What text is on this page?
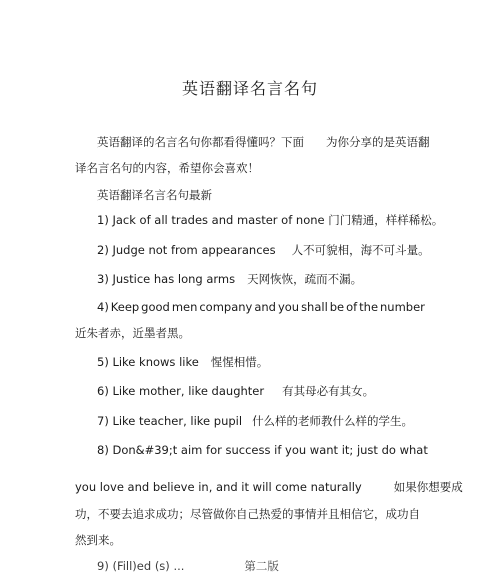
英语翻译名言名句
英语翻译的名言名句你都看得懂吗？下面 为你分享的是英语翻
译名言名句的内容，希望你会喜欢！
英语翻译名言名句最新
1) Jack of all trades and master of none 门门精通，样样稀松。
2) Judge not from appearances 人不可貌相，海不可斗量。
3) Justice has long arms 天网恢恢，疏而不漏。
4) Keep good men company and you shall be of the number
近朱者赤，近墨者黑。
5) Like knows like 惺惺相惜。
6) Like mother, like daughter 有其母必有其女。
7) Like teacher, like pupil 什么样的老师教什么样的学生。
8) Don&#39;t aim for success if you want it; just do what
you love and believe in, and it will come naturally	如果你想要成
功，不要去追求成功；尽管做你自己热爱的事情并且相信它，成功自
然到来。
9) (Fill)ed (s) ...	第二版
